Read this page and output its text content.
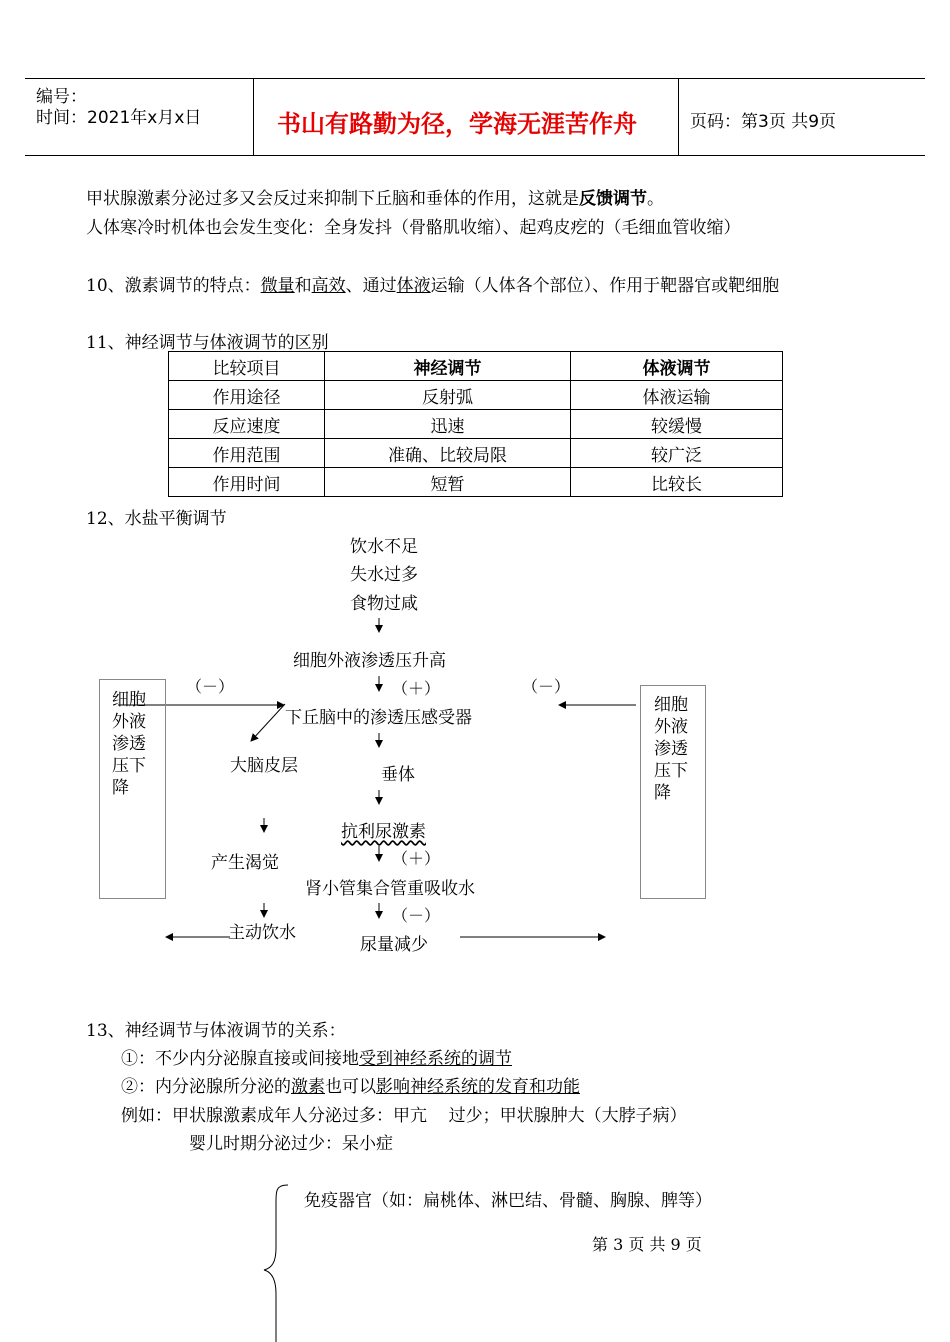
编号：
时间：2021年x月x日	书山有路勤为径，学海无涯苦作舟	页码：第3页 共9页
甲状腺激素分泌过多又会反过来抑制下丘脑和垂体的作用，这就是反馈调节。
人体寒冷时机体也会发生变化：全身发抖（骨骼肌收缩）、起鸡皮疙的（毛细血管收缩）
10、激素调节的特点：微量和高效、通过体液运输（人体各个部位）、作用于靶器官或靶细胞
11、神经调节与体液调节的区别
比较项目	神经调节	体液调节
作用途径	反射弧	体液运输
反应速度	迅速	较缓慢
作用范围	准确、比较局限	较广泛
作用时间	短暂	比较长
12、水盐平衡调节
饮水不足
失水过多
食物过咸
细胞外液渗透压升高
（－）	（＋）	（－）
下丘脑中的渗透压感受器
大脑皮层	垂体
抗利尿激素
产生渴觉	（＋）
肾小管集合管重吸收水
主动饮水
（－）
尿量减少
细胞外液渗透压下降
细胞外液渗透压下降
13、神经调节与体液调节的关系：
①：不少内分泌腺直接或间接地受到神经系统的调节
②：内分泌腺所分泌的激素也可以影响神经系统的发育和功能
例如：甲状腺激素成年人分泌过多：甲亢    过少；甲状腺肿大（大脖子病）
婴儿时期分泌过少：呆小症
免疫器官（如：扁桃体、淋巴结、骨髓、胸腺、脾等）
第 3 页 共 9 页
